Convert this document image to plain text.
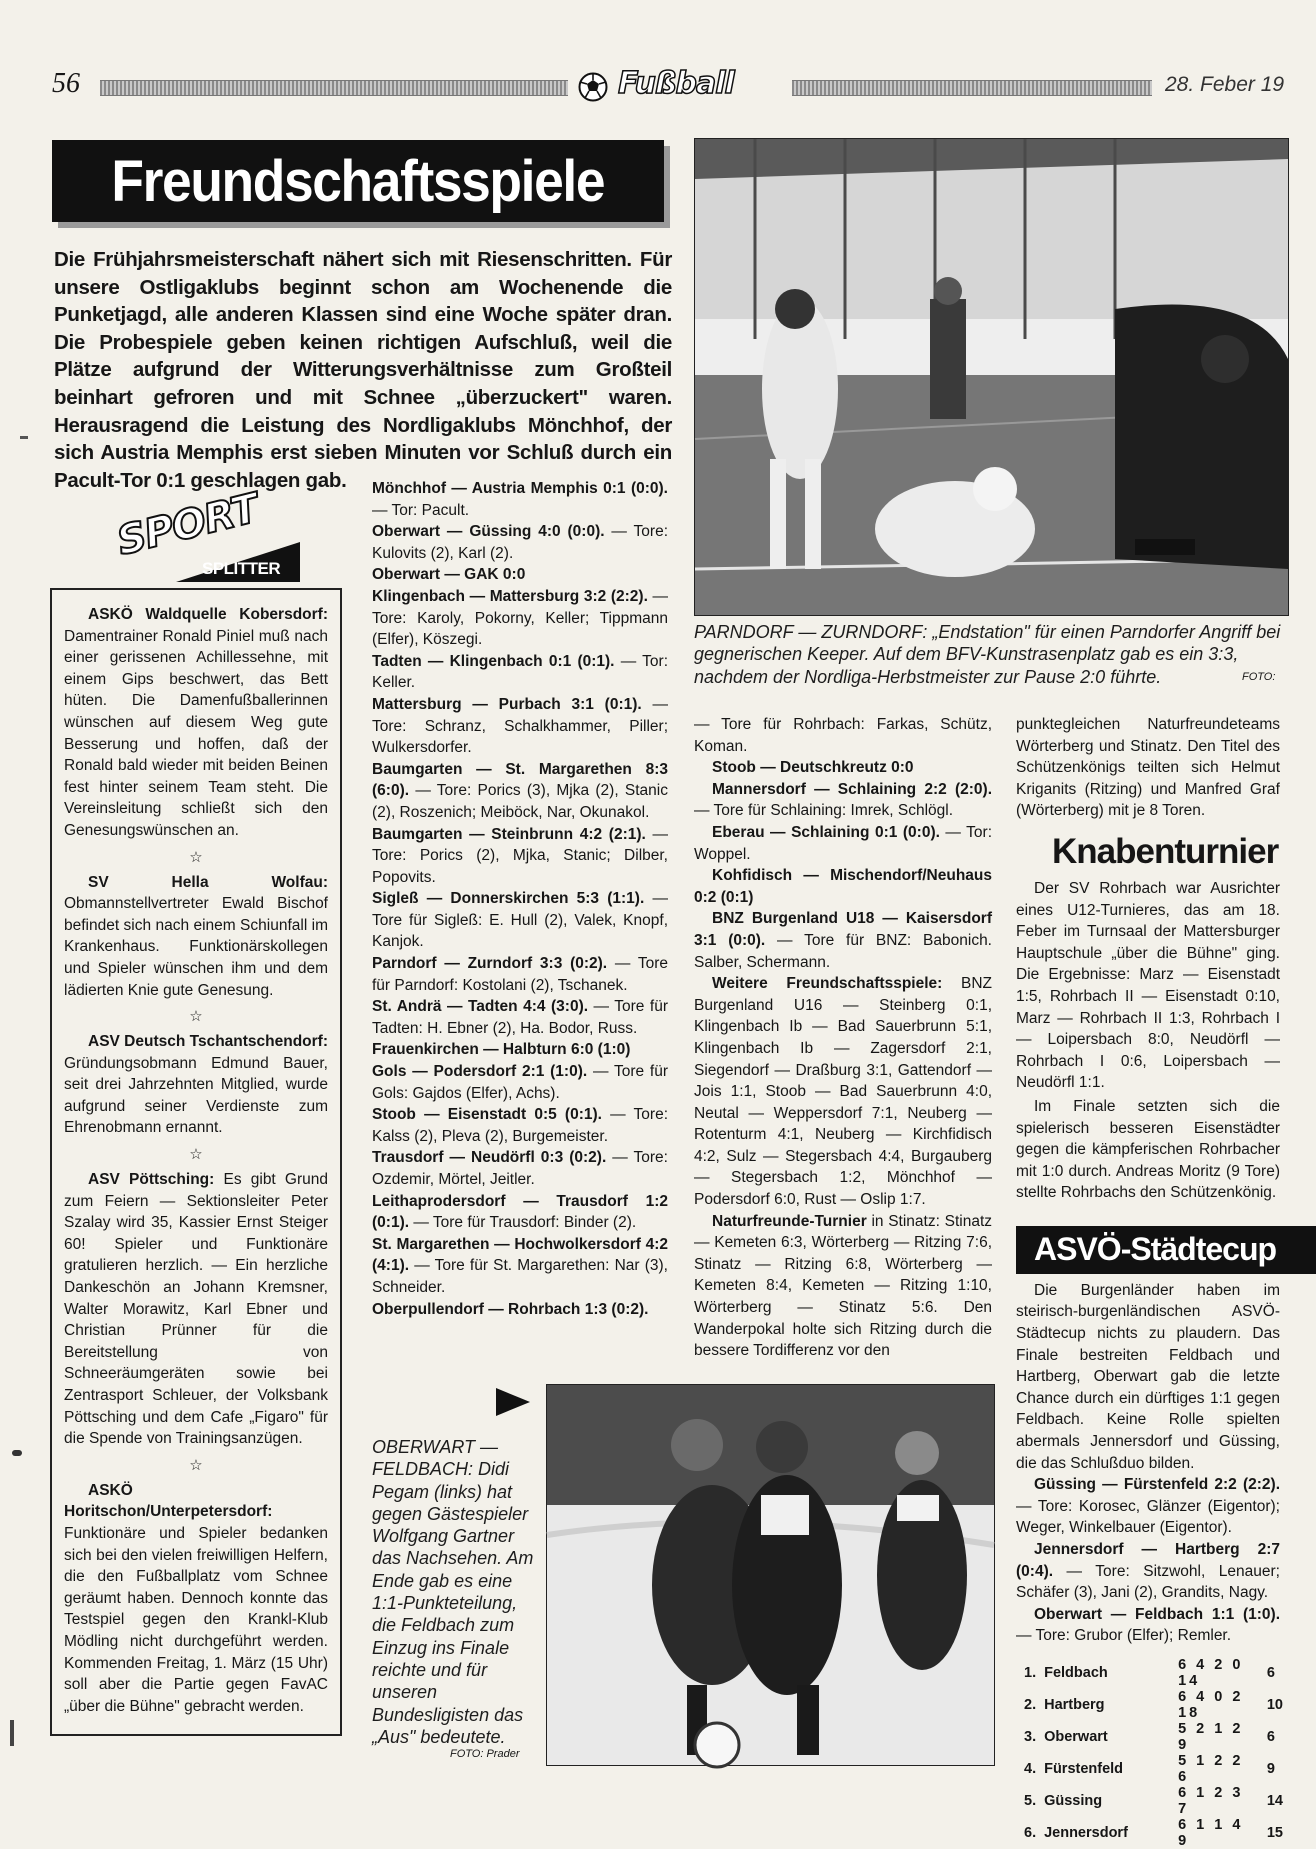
56	Fußball	28. Feber 19
Freundschaftsspiele

Die Frühjahrsmeisterschaft nähert sich mit Riesenschritten. Für unsere Ostligaklubs beginnt schon am Wochenende die Punketjagd, alle anderen Klassen sind eine Woche später dran. Die Probespiele geben keinen richtigen Aufschluß, weil die Plätze aufgrund der Witterungsverhältnisse zum Großteil beinhart gefroren und mit Schnee „überzuckert" waren. Herausragend die Leistung des Nordligaklubs Mönchhof, der sich Austria Memphis erst sieben Minuten vor Schluß durch ein Pacult-Tor 0:1 geschlagen gab.

SPORT
SPLITTER

ASKÖ Waldquelle Kobersdorf: Damentrainer Ronald Piniel muß nach einer gerissenen Achillessehne, mit einem Gips beschwert, das Bett hüten. Die Damenfußballerinnen wünschen auf diesem Weg gute Besserung und hoffen, daß der Ronald bald wieder mit beiden Beinen fest hinter seinem Team steht. Die Vereinsleitung schließt sich den Genesungswünschen an.

☆

SV Hella Wolfau: Obmannstellvertreter Ewald Bischof befindet sich nach einem Schiunfall im Krankenhaus. Funktionärskollegen und Spieler wünschen ihm und dem lädierten Knie gute Genesung.

☆

ASV Deutsch Tschantschendorf: Gründungsobmann Edmund Bauer, seit drei Jahrzehnten Mitglied, wurde aufgrund seiner Verdienste zum Ehrenobmann ernannt.

☆

ASV Pöttsching: Es gibt Grund zum Feiern — Sektionsleiter Peter Szalay wird 35, Kassier Ernst Steiger 60! Spieler und Funktionäre gratulieren herzlich. — Ein herzliche Dankeschön an Johann Kremsner, Walter Morawitz, Karl Ebner und Christian Prünner für die Bereitstellung von Schneeräumgeräten sowie bei Zentrasport Schleuer, der Volksbank Pöttsching und dem Cafe „Figaro" für die Spende von Trainingsanzügen.

☆

ASKÖ Horitschon/Unterpetersdorf: Funktionäre und Spieler bedanken sich bei den vielen freiwilligen Helfern, die den Fußballplatz vom Schnee geräumt haben. Dennoch konnte das Testspiel gegen den Krankl-Klub Mödling nicht durchgeführt werden. Kommenden Freitag, 1. März (15 Uhr) soll aber die Partie gegen FavAC „über die Bühne" gebracht werden.

Mönchhof — Austria Memphis 0:1 (0:0). — Tor: Pacult.

Oberwart — Güssing 4:0 (0:0). — Tore: Kulovits (2), Karl (2).

Oberwart — GAK 0:0

Klingenbach — Mattersburg 3:2 (2:2). — Tore: Karoly, Pokorny, Keller; Tippmann (Elfer), Köszegi.

Tadten — Klingenbach 0:1 (0:1). — Tor: Keller.

Mattersburg — Purbach 3:1 (0:1). — Tore: Schranz, Schalkhammer, Piller; Wulkersdorfer.

Baumgarten — St. Margarethen 8:3 (6:0). — Tore: Porics (3), Mjka (2), Stanic (2), Roszenich; Meiböck, Nar, Okunakol.

Baumgarten — Steinbrunn 4:2 (2:1). — Tore: Porics (2), Mjka, Stanic; Dilber, Popovits.

Sigleß — Donnerskirchen 5:3 (1:1). — Tore für Sigleß: E. Hull (2), Valek, Knopf, Kanjok.

Parndorf — Zurndorf 3:3 (0:2). — Tore für Parndorf: Kostolani (2), Tschanek.

St. Andrä — Tadten 4:4 (3:0). — Tore für Tadten: H. Ebner (2), Ha. Bodor, Russ.

Frauenkirchen — Halbturn 6:0 (1:0)

Gols — Podersdorf 2:1 (1:0). — Tore für Gols: Gajdos (Elfer), Achs).

Stoob — Eisenstadt 0:5 (0:1). — Tore: Kalss (2), Pleva (2), Burgemeister.

Trausdorf — Neudörfl 0:3 (0:2). — Tore: Ozdemir, Mörtel, Jeitler.

Leithaprodersdorf — Trausdorf 1:2 (0:1). — Tore für Trausdorf: Binder (2).

St. Margarethen — Hochwolkersdorf 4:2 (4:1). — Tore für St. Margarethen: Nar (3), Schneider.

Oberpullendorf — Rohrbach 1:3 (0:2).

PARNDORF — ZURNDORF: „Endstation" für einen Parndorfer Angriff bei gegnerischen Keeper. Auf dem BFV-Kunstrasenplatz gab es ein 3:3, nachdem der Nordliga-Herbstmeister zur Pause 2:0 führte.	FOTO:

— Tore für Rohrbach: Farkas, Schütz, Koman.

Stoob — Deutschkreutz 0:0

Mannersdorf — Schlaining 2:2 (2:0). — Tore für Schlaining: Imrek, Schlögl.

Eberau — Schlaining 0:1 (0:0). — Tor: Woppel.

Kohfidisch — Mischendorf/Neuhaus 0:2 (0:1)

BNZ Burgenland U18 — Kaisersdorf 3:1 (0:0). — Tore für BNZ: Babonich. Salber, Schermann.

Weitere Freundschaftsspiele: BNZ Burgenland U16 — Steinberg 0:1, Klingenbach Ib — Bad Sauerbrunn 5:1, Klingenbach Ib — Zagersdorf 2:1, Siegendorf — Draßburg 3:1, Gattendorf — Jois 1:1, Stoob — Bad Sauerbrunn 4:0, Neutal — Weppersdorf 7:1, Neuberg — Rotenturm 4:1, Neuberg — Kirchfidisch 4:2, Sulz — Stegersbach 4:4, Burgauberg — Stegersbach 1:2, Mönchhof — Podersdorf 6:0, Rust — Oslip 1:7.

Naturfreunde-Turnier in Stinatz: Stinatz — Kemeten 6:3, Wörterberg — Ritzing 7:6, Stinatz — Ritzing 6:8, Wörterberg — Kemeten 8:4, Kemeten — Ritzing 1:10, Wörterberg — Stinatz 5:6. Den Wanderpokal holte sich Ritzing durch die bessere Tordifferenz vor den

punktegleichen Naturfreundeteams Wörterberg und Stinatz. Den Titel des Schützenkönigs teilten sich Helmut Kriganits (Ritzing) und Manfred Graf (Wörterberg) mit je 8 Toren.

Knabenturnier

Der SV Rohrbach war Ausrichter eines U12-Turnieres, das am 18. Feber im Turnsaal der Mattersburger Hauptschule „über die Bühne" ging. Die Ergebnisse: Marz — Eisenstadt 1:5, Rohrbach II — Eisenstadt 0:10, Marz — Rohrbach II 1:3, Rohrbach I — Loipersbach 8:0, Neudörfl — Rohrbach I 0:6, Loipersbach — Neudörfl 1:1.

Im Finale setzten sich die spielerisch besseren Eisenstädter gegen die kämpferischen Rohrbacher mit 1:0 durch. Andreas Moritz (9 Tore) stellte Rohrbachs den Schützenkönig.

ASVÖ-Städtecup

Die Burgenländer haben im steirisch-burgenländischen ASVÖ-Städtecup nichts zu plaudern. Das Finale bestreiten Feldbach und Hartberg, Oberwart gab die letzte Chance durch ein dürftiges 1:1 gegen Feldbach. Keine Rolle spielten abermals Jennersdorf und Güssing, die das Schlußduo bilden.

Güssing — Fürstenfeld 2:2 (2:2). — Tore: Korosec, Glänzer (Eigentor); Weger, Winkelbauer (Eigentor).

Jennersdorf — Hartberg 2:7 (0:4). — Tore: Sitzwohl, Lenauer; Schäfer (3), Jani (2), Grandits, Nagy.

Oberwart — Feldbach 1:1 (1:0). — Tore: Grubor (Elfer); Remler.

1.	Feldbach	6 4 2 0 14	6
2.	Hartberg	6 4 0 2 18	10
3.	Oberwart	5 2 1 2 9	6
4.	Fürstenfeld	5 1 2 2 6	9
5.	Güssing	6 1 2 3 7	14
6.	Jennersdorf	6 1 1 4 9	15
OBERWART — FELDBACH: Didi Pegam (links) hat gegen Gästespieler Wolfgang Gartner das Nachsehen. Am Ende gab es eine 1:1-Punkteteilung, die Feldbach zum Einzug ins Finale reichte und für unseren Bundesligisten das „Aus" bedeutete.
FOTO: Prader
